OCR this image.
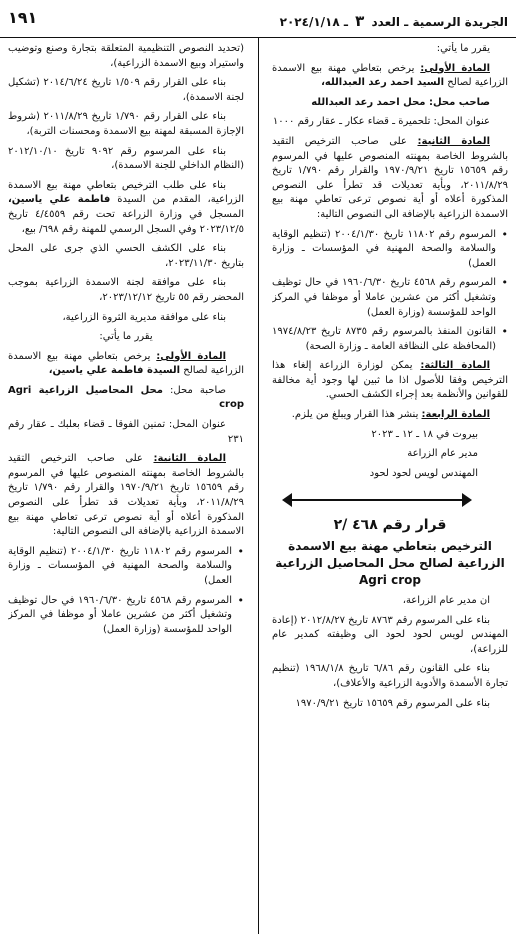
١٩١	الجريدة الرسمية ـ العدد ٣ ـ ٢٠٢٤/١/١٨

يقرر ما يأتي:

المادة الأولى: يرخص بتعاطي مهنة بيع الاسمدة الزراعية لصالح السيد احمد رعد العبدالله،

صاحب محل: محل احمد رعد العبدالله

عنوان المحل: تلحميرة ـ قضاء عكار ـ عقار رقم ١٠٠٠

المادة الثانية: على صاحب الترخيص التقيد بالشروط الخاصة بمهنته المنصوص عليها في المرسوم رقم ١٥٦٥٩ تاريخ ١٩٧٠/٩/٢١ والقرار رقم ١/٧٩٠ تاريخ ٢٠١١/٨/٢٩، وبأية تعديلات قد تطرأ على النصوص المذكورة أعلاه أو أية نصوص ترعى تعاطي مهنة بيع الاسمدة الزراعية بالإضافة الى النصوص التالية:

• المرسوم رقم ١١٨٠٢ تاريخ ٢٠٠٤/١/٣٠ (تنظيم الوقاية والسلامة والصحة المهنية في المؤسسات ـ وزارة العمل)

• المرسوم رقم ٤٥٦٨ تاريخ ١٩٦٠/٦/٣٠ في حال توظيف وتشغيل أكثر من عشرين عاملا أو موظفا في المركز الواحد للمؤسسة (وزارة العمل)

• القانون المنفذ بالمرسوم رقم ٨٧٣٥ تاريخ ١٩٧٤/٨/٢٣ (المحافظة على النظافة العامة ـ وزارة الصحة)

المادة الثالثة: يمكن لوزارة الزراعة إلغاء هذا الترخيص وفقا للأصول اذا ما ثبين لها وجود أية مخالفة للقوانين والأنظمة بعد إجراء الكشف الحسي.

المادة الرابعة: ينشر هذا القرار ويبلغ من يلزم.

بيروت في ١٨ ـ ١٢ ـ ٢٠٢٣

مدير عام الزراعة

المهندس لويس لحود لحود

قرار رقم ٤٦٨ /٢

الترخيص بتعاطي مهنة بيع الاسمدة الزراعية لصالح محل المحاصيل الزراعية Agri crop

ان مدير عام الزراعة،

بناء على المرسوم رقم ٨٧٦٣ تاريخ ٢٠١٢/٨/٢٧ (إعادة المهندس لويس لحود لحود الى وظيفته كمدير عام للزراعة)،

بناء على القانون رقم ٦/٨٦ تاريخ ١٩٦٨/١/٨ (تنظيم تجارة الأسمدة والأدوية الزراعية والأعلاف)،

بناء على المرسوم رقم ١٥٦٥٩ تاريخ ١٩٧٠/٩/٢١

(تحديد النصوص التنظيمية المتعلقة بتجارة وصنع وتوضيب واستيراد وبيع الاسمدة الزراعية)،

بناء على القرار رقم ١/٥٠٩ تاريخ ٢٠١٤/٦/٢٤ (تشكيل لجنة الاسمدة)،

بناء على القرار رقم ١/٧٩٠ تاريخ ٢٠١١/٨/٢٩ (شروط الإجازة المسبقة لمهنة بيع الاسمدة ومحسنات التربة)،

بناء على المرسوم رقم ٩٠٩٢ تاريخ ٢٠١٢/١٠/١٠ (النظام الداخلي للجنة الاسمدة)،

بناء على طلب الترخيص بتعاطي مهنة بيع الاسمدة الزراعية، المقدم من السيدة فاطمة علي ياسين، المسجل في وزارة الزراعة تحت رقم ٤/٤٥٥٩ تاريخ ٢٠٢٣/١٢/٥ وفي السجل الرسمي للمهنة رقم ٦٩٨/ بيع،

بناء على الكشف الحسي الذي جرى على المحل بتاريخ ٢٠٢٣/١١/٣٠،

بناء على موافقة لجنة الاسمدة الزراعية بموجب المحضر رقم ٥٥ تاريخ ٢٠٢٣/١٢/١٢،

بناء على موافقة مديرية الثروة الزراعية،

يقرر ما يأتي:

المادة الأولى: يرخص بتعاطي مهنة بيع الاسمدة الزراعية لصالح السيدة فاطمة علي ياسين،

صاحبة محل: محل المحاصيل الزراعية Agri crop

عنوان المحل: تمنين الفوقا ـ قضاء بعلبك ـ عقار رقم ٢٣١

المادة الثانية: على صاحب الترخيص التقيد بالشروط الخاصة بمهنته المنصوص عليها في المرسوم رقم ١٥٦٥٩ تاريخ ١٩٧٠/٩/٢١ والقرار رقم ١/٧٩٠ تاريخ ٢٠١١/٨/٢٩، وبأية تعديلات قد تطرأ على النصوص المذكورة أعلاه أو أية نصوص ترعى تعاطي مهنة بيع الاسمدة الزراعية بالإضافة الى النصوص التالية:

• المرسوم رقم ١١٨٠٢ تاريخ ٢٠٠٤/١/٣٠ (تنظيم الوقاية والسلامة والصحة المهنية في المؤسسات ـ وزارة العمل)

• المرسوم رقم ٤٥٦٨ تاريخ ١٩٦٠/٦/٣٠ في حال توظيف وتشغيل أكثر من عشرين عاملا أو موظفا في المركز الواحد للمؤسسة (وزارة العمل)
